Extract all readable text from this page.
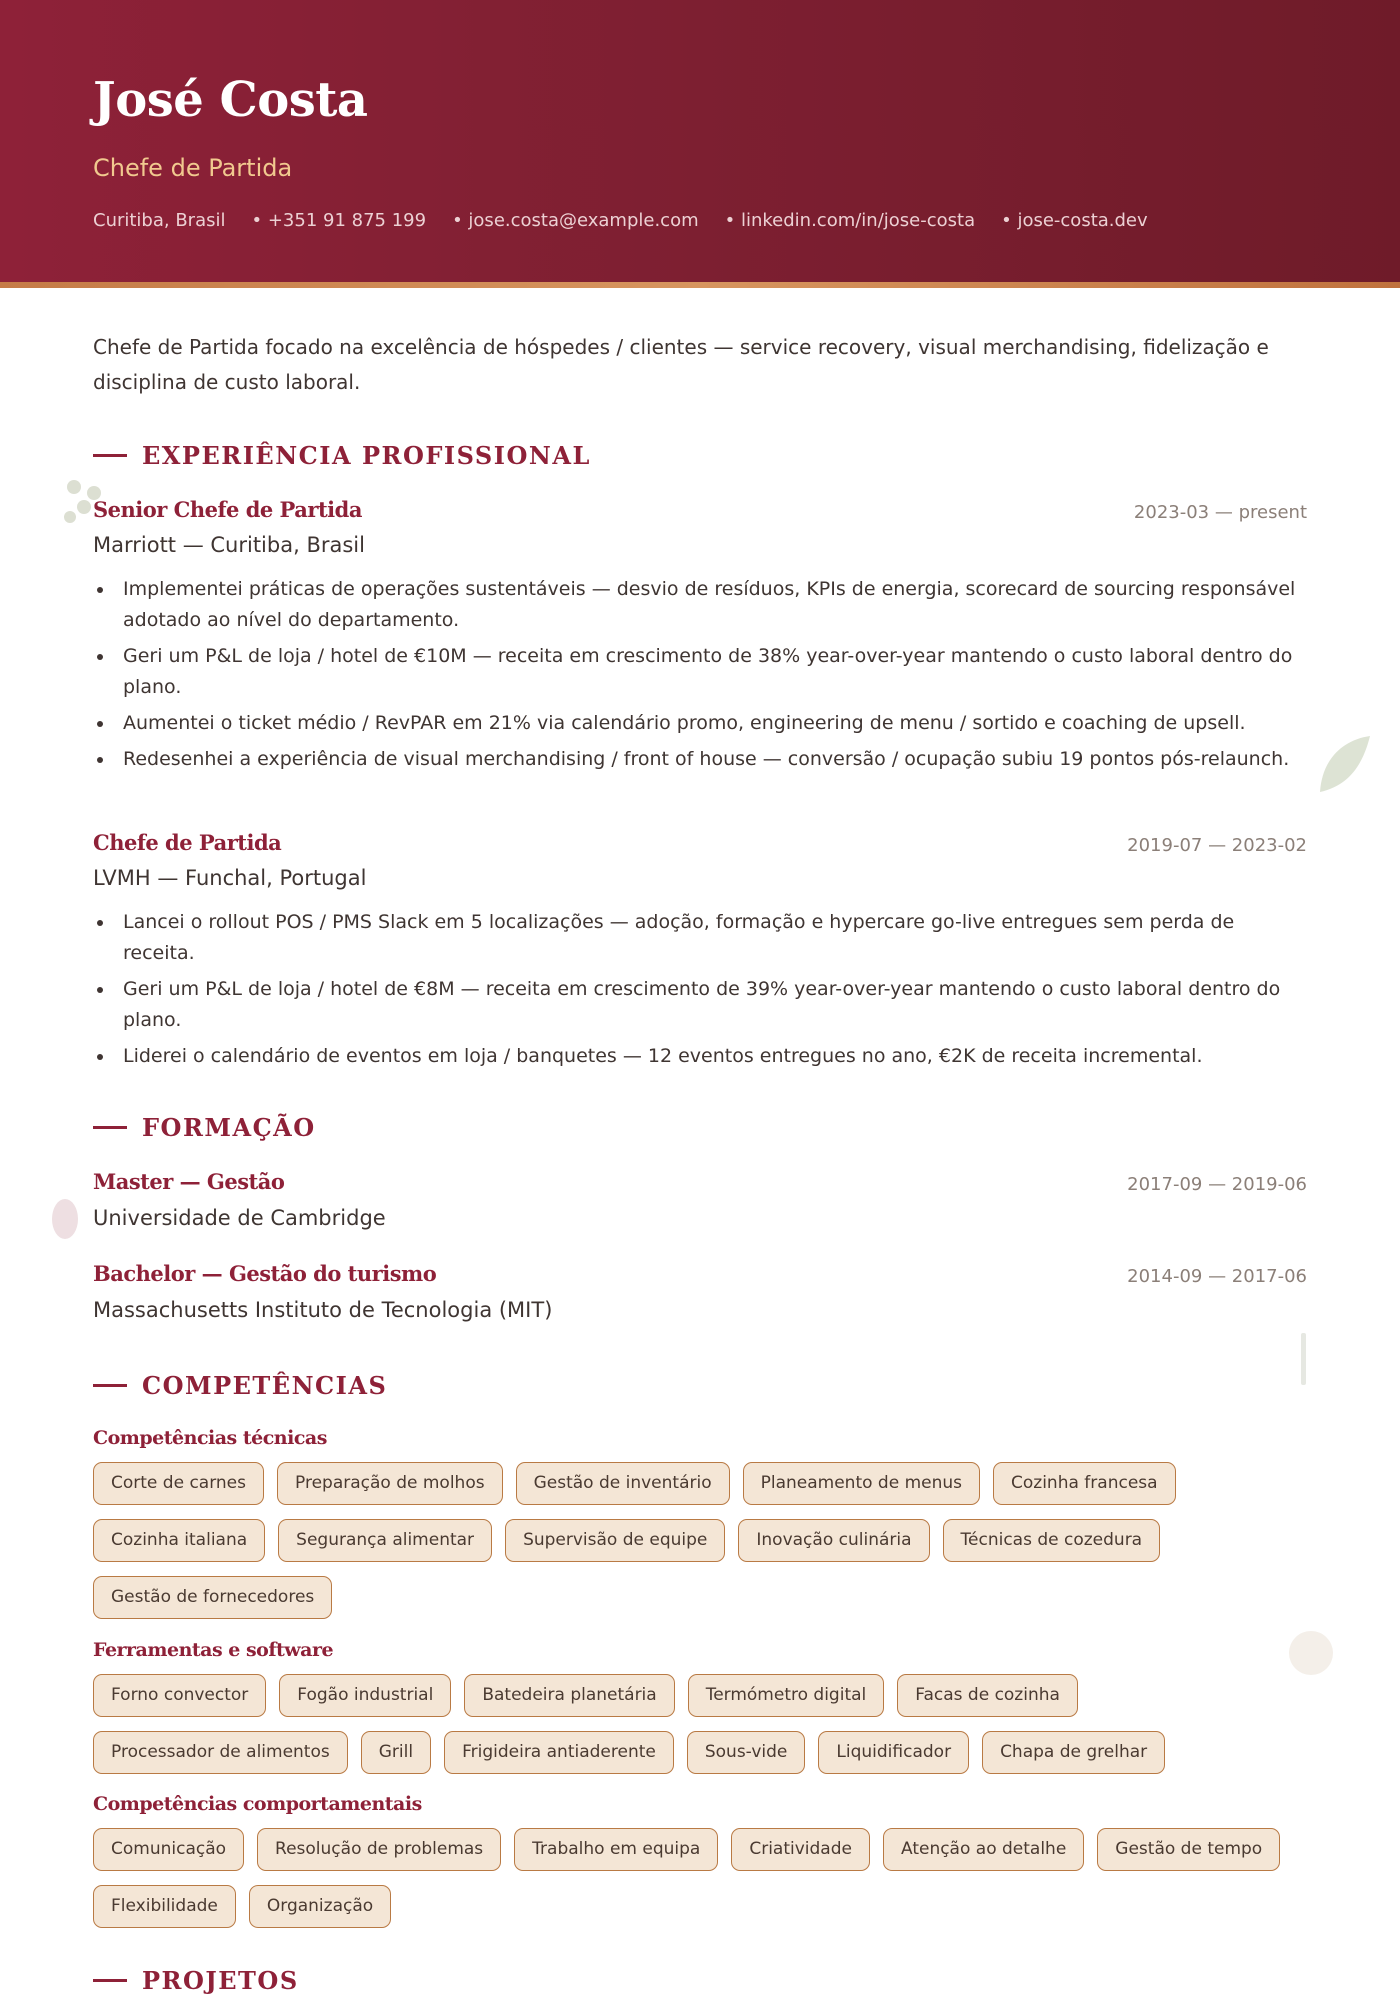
José Costa
Chefe de Partida
Curitiba, Brasil	• +351 91 875 199	• jose.costa@example.com	• linkedin.com/in/jose-costa	• jose-costa.dev
Chefe de Partida focado na excelência de hóspedes / clientes — service recovery, visual merchandising, fidelização e disciplina de custo laboral.
EXPERIÊNCIA PROFISSIONAL
Senior Chefe de Partida	2023-03 — present
Marriott — Curitiba, Brasil
Implementei práticas de operações sustentáveis — desvio de resíduos, KPIs de energia, scorecard de sourcing responsável adotado ao nível do departamento.
Geri um P&L de loja / hotel de €10M — receita em crescimento de 38% year-over-year mantendo o custo laboral dentro do plano.
Aumentei o ticket médio / RevPAR em 21% via calendário promo, engineering de menu / sortido e coaching de upsell.
Redesenhei a experiência de visual merchandising / front of house — conversão / ocupação subiu 19 pontos pós-relaunch.
Chefe de Partida	2019-07 — 2023-02
LVMH — Funchal, Portugal
Lancei o rollout POS / PMS Slack em 5 localizações — adoção, formação e hypercare go-live entregues sem perda de receita.
Geri um P&L de loja / hotel de €8M — receita em crescimento de 39% year-over-year mantendo o custo laboral dentro do plano.
Liderei o calendário de eventos em loja / banquetes — 12 eventos entregues no ano, €2K de receita incremental.
FORMAÇÃO
Master — Gestão	2017-09 — 2019-06
Universidade de Cambridge
Bachelor — Gestão do turismo	2014-09 — 2017-06
Massachusetts Instituto de Tecnologia (MIT)
COMPETÊNCIAS
Competências técnicas
Corte de carnes	Preparação de molhos	Gestão de inventário	Planeamento de menus	Cozinha francesa
Cozinha italiana	Segurança alimentar	Supervisão de equipe	Inovação culinária	Técnicas de cozedura
Gestão de fornecedores
Ferramentas e software
Forno convector	Fogão industrial	Batedeira planetária	Termómetro digital	Facas de cozinha
Processador de alimentos	Grill	Frigideira antiaderente	Sous-vide	Liquidificador	Chapa de grelhar
Competências comportamentais
Comunicação	Resolução de problemas	Trabalho em equipa	Criatividade	Atenção ao detalhe	Gestão de tempo
Flexibilidade	Organização
PROJETOS
